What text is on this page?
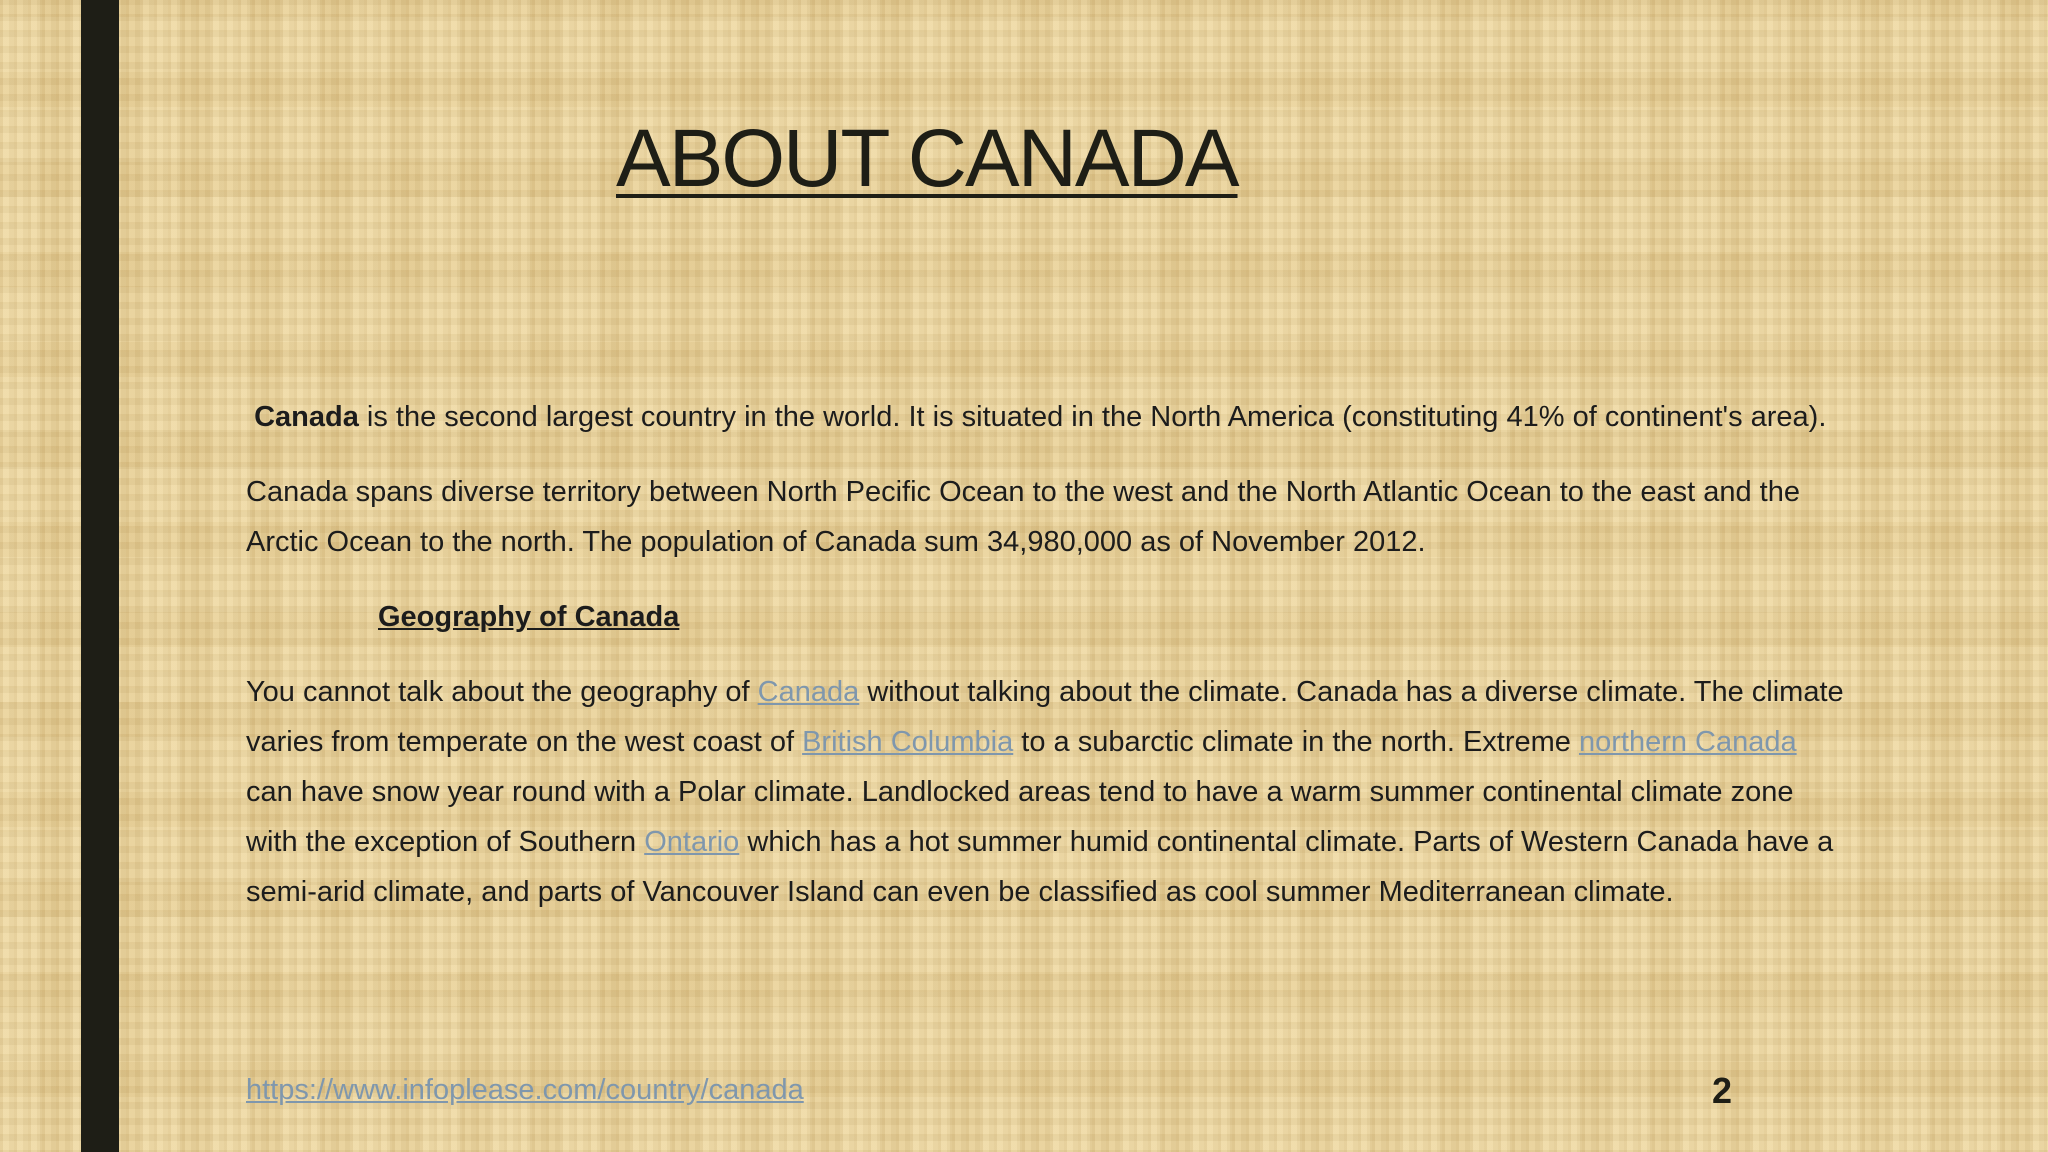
ABOUT CANADA

Canada is the second largest country in the world. It is situated in the North America (constituting 41% of continent's area).

Canada spans diverse territory between North Pecific Ocean to the west and the North Atlantic Ocean to the east and the Arctic Ocean to the north. The population of Canada sum 34,980,000 as of November 2012.

Geography of Canada

You cannot talk about the geography of Canada without talking about the climate. Canada has a diverse climate. The climate varies from temperate on the west coast of British Columbia to a subarctic climate in the north. Extreme northern Canada can have snow year round with a Polar climate. Landlocked areas tend to have a warm summer continental climate zone with the exception of Southern Ontario which has a hot summer humid continental climate. Parts of Western Canada have a semi-arid climate, and parts of Vancouver Island can even be classified as cool summer Mediterranean climate.

https://www.infoplease.com/country/canada	2
